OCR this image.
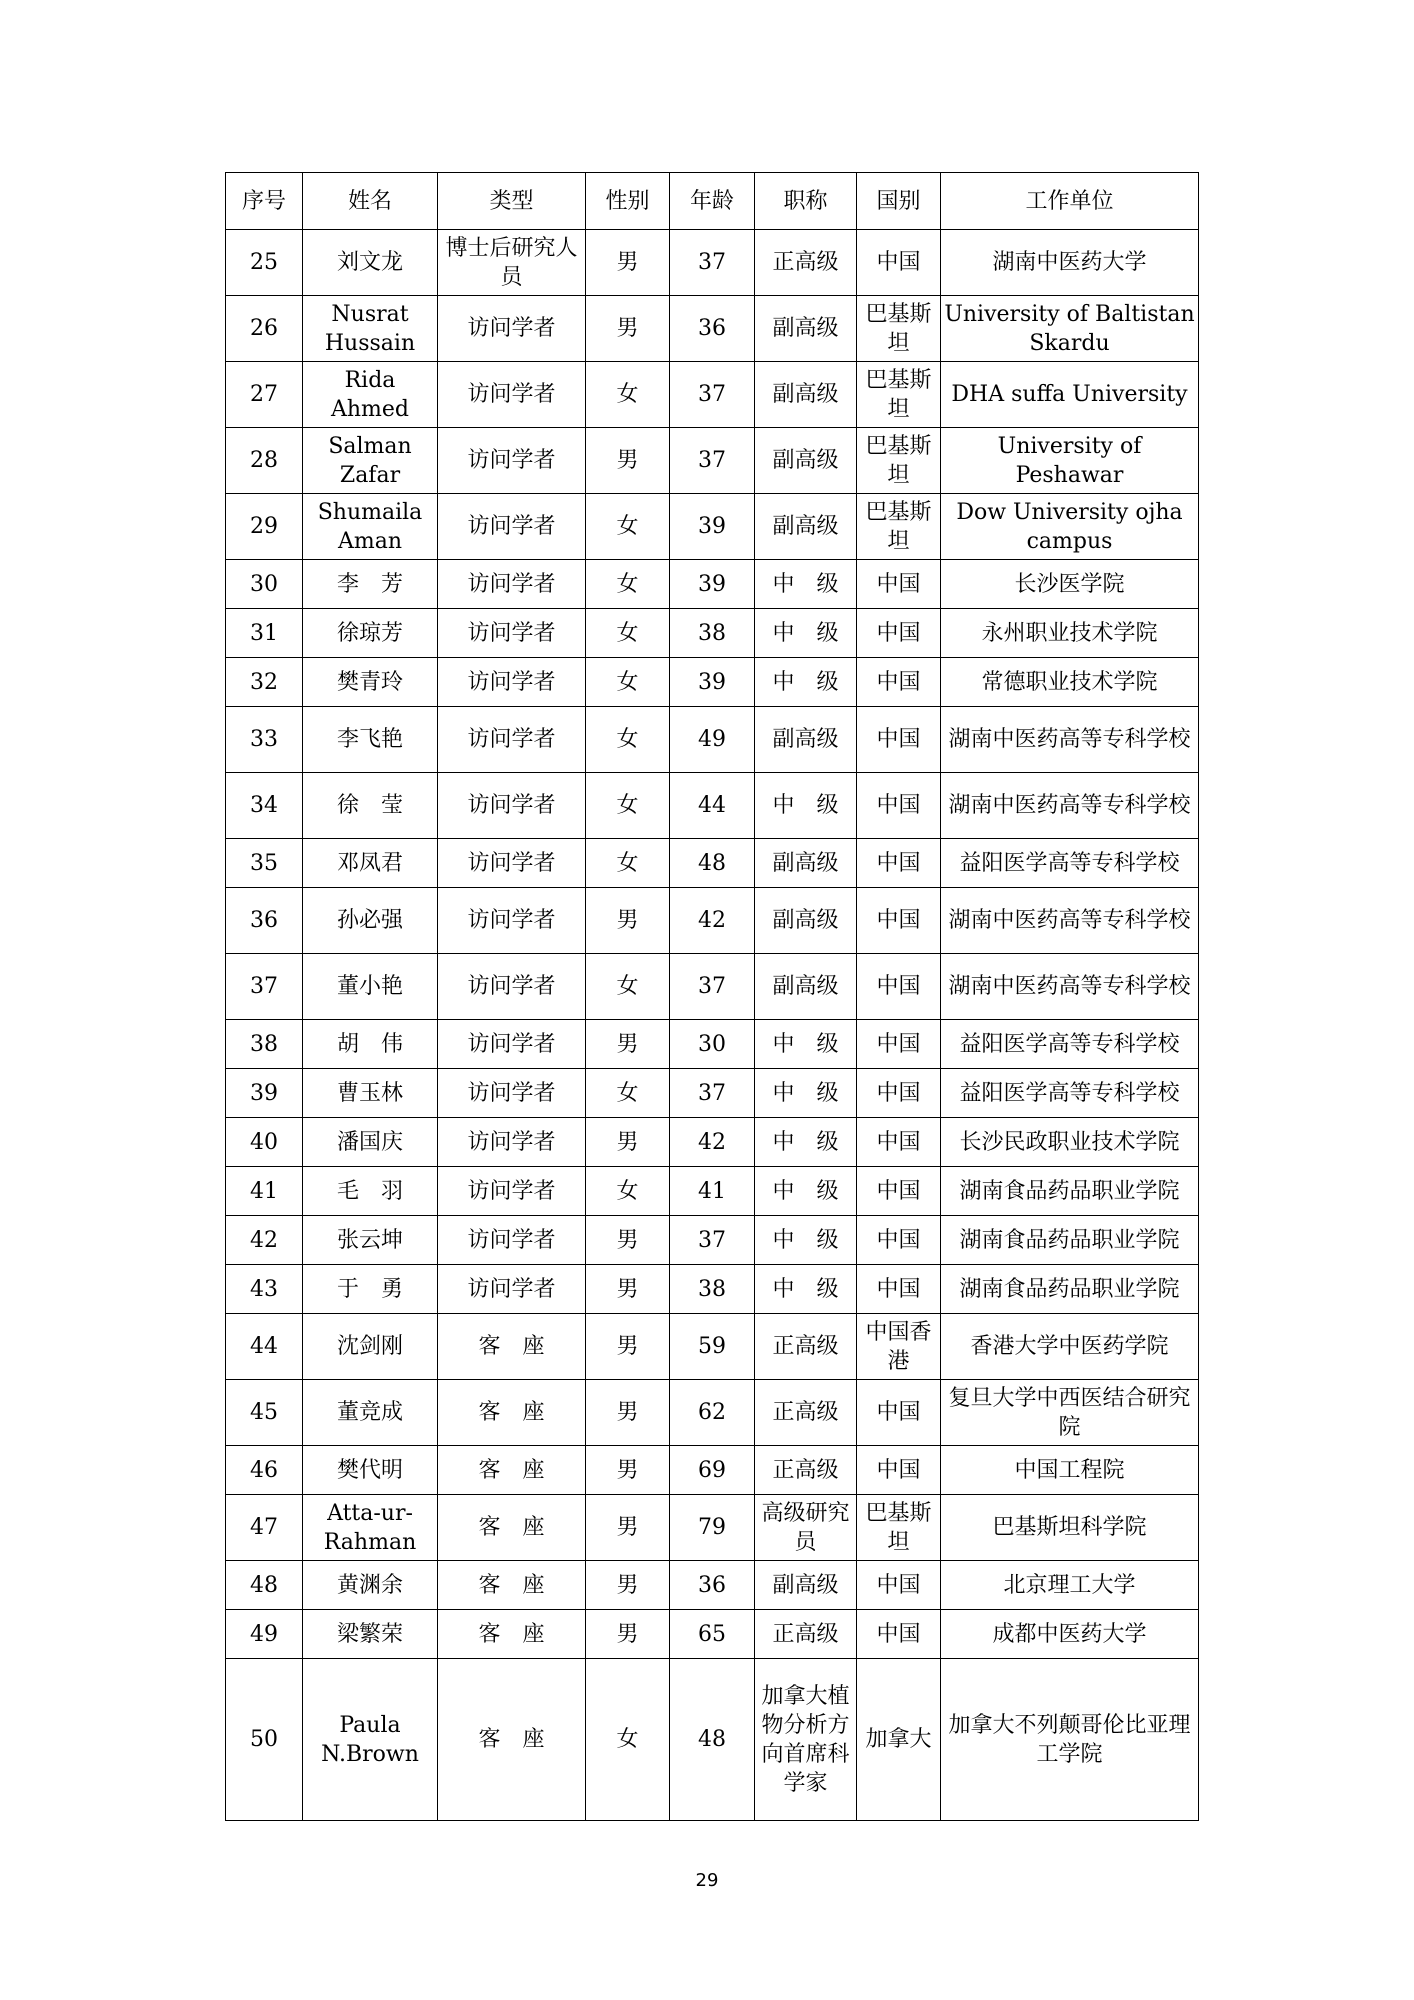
序号	姓名	类型	性别	年龄	职称	国别	工作单位
25	刘文龙	博士后研究人员	男	37	正高级	中国	湖南中医药大学
26	Nusrat Hussain	访问学者	男	36	副高级	巴基斯坦	University of Baltistan Skardu
27	Rida Ahmed	访问学者	女	37	副高级	巴基斯坦	DHA suffa University
28	Salman Zafar	访问学者	男	37	副高级	巴基斯坦	University of Peshawar
29	Shumaila Aman	访问学者	女	39	副高级	巴基斯坦	Dow University ojha campus
30	李　芳	访问学者	女	39	中　级	中国	长沙医学院
31	徐琼芳	访问学者	女	38	中　级	中国	永州职业技术学院
32	樊青玲	访问学者	女	39	中　级	中国	常德职业技术学院
33	李飞艳	访问学者	女	49	副高级	中国	湖南中医药高等专科学校
34	徐　莹	访问学者	女	44	中　级	中国	湖南中医药高等专科学校
35	邓凤君	访问学者	女	48	副高级	中国	益阳医学高等专科学校
36	孙必强	访问学者	男	42	副高级	中国	湖南中医药高等专科学校
37	董小艳	访问学者	女	37	副高级	中国	湖南中医药高等专科学校
38	胡　伟	访问学者	男	30	中　级	中国	益阳医学高等专科学校
39	曹玉林	访问学者	女	37	中　级	中国	益阳医学高等专科学校
40	潘国庆	访问学者	男	42	中　级	中国	长沙民政职业技术学院
41	毛　羽	访问学者	女	41	中　级	中国	湖南食品药品职业学院
42	张云坤	访问学者	男	37	中　级	中国	湖南食品药品职业学院
43	于　勇	访问学者	男	38	中　级	中国	湖南食品药品职业学院
44	沈剑刚	客　座	男	59	正高级	中国香港	香港大学中医药学院
45	董竞成	客　座	男	62	正高级	中国	复旦大学中西医结合研究院
46	樊代明	客　座	男	69	正高级	中国	中国工程院
47	Atta-ur-Rahman	客　座	男	79	高级研究员	巴基斯坦	巴基斯坦科学院
48	黄渊余	客　座	男	36	副高级	中国	北京理工大学
49	梁繁荣	客　座	男	65	正高级	中国	成都中医药大学
50	Paula N.Brown	客　座	女	48	加拿大植物分析方向首席科学家	加拿大	加拿大不列颠哥伦比亚理工学院
29
